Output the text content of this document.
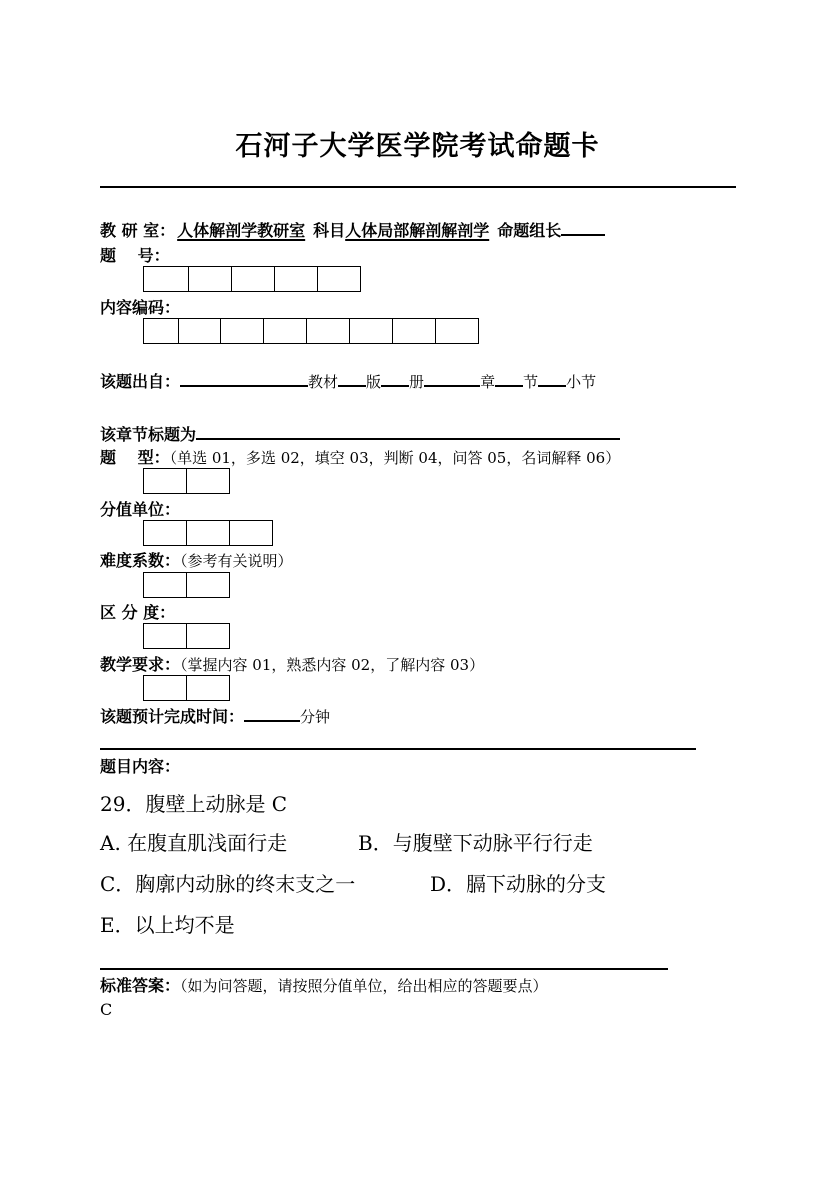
石河子大学医学院考试命题卡
教 研 室： 人体解剖学教研室 科目人体局部解剖解剖学 命题组长
题　 号：
内容编码：
该题出自：	教材 版 册	章 节 小节
该章节标题为
题　 型：（单选 01，多选 02，填空 03，判断 04，问答 05，名词解释 06）
分值单位：
难度系数：（参考有关说明）
区 分 度：
教学要求：（掌握内容 01，熟悉内容 02，了解内容 03）
该题预计完成时间：	分钟
题目内容：
29．腹壁上动脉是 C
A. 在腹直肌浅面行走	B．与腹壁下动脉平行行走
C．胸廓内动脉的终末支之一	D．膈下动脉的分支
E．以上均不是
标准答案：（如为问答题，请按照分值单位，给出相应的答题要点）
C
